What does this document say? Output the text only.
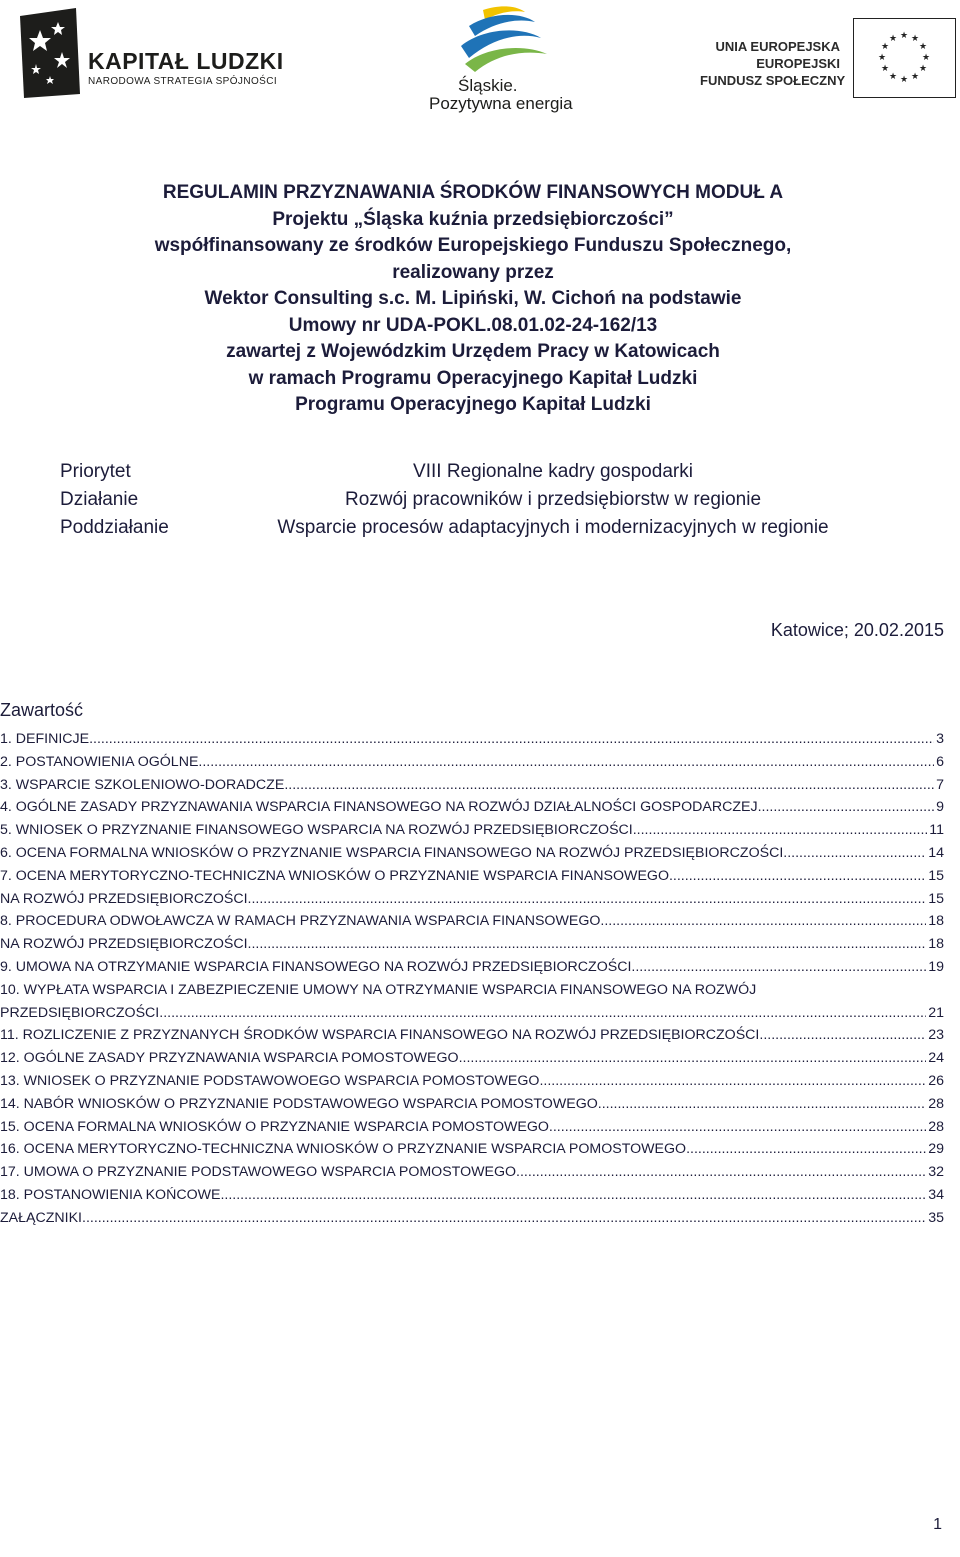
KAPITAŁ LUDZKI
NARODOWA STRATEGIA SPÓJNOŚCI	Śląskie.
Pozytywna energia
UNIA EUROPEJSKA
EUROPEJSKI
FUNDUSZ SPOŁECZNY
★ ★
★
★
★
★
★
★
★
★
★
★
REGULAMIN PRZYZNAWANIA ŚRODKÓW FINANSOWYCH MODUŁ A
Projektu „Śląska kuźnia przedsiębiorczości”
współfinansowany ze środków Europejskiego Funduszu Społecznego,
realizowany przez
Wektor Consulting s.c. M. Lipiński, W. Cichoń na podstawie
Umowy nr UDA-POKL.08.01.02-24-162/13
zawartej z Wojewódzkim Urzędem Pracy w Katowicach
w ramach Programu Operacyjnego Kapitał Ludzki
Programu Operacyjnego Kapitał Ludzki
Priorytet	VIII Regionalne kadry gospodarki
Działanie	Rozwój pracowników i przedsiębiorstw w regionie
Poddziałanie	Wsparcie procesów adaptacyjnych i modernizacyjnych w regionie
Katowice; 20.02.2015
Zawartość
1. DEFINICJE .....	3
2. POSTANOWIENIA OGÓLNE .....	6
3. WSPARCIE SZKOLENIOWO-DORADCZE .....	7
4. OGÓLNE ZASADY PRZYZNAWANIA WSPARCIA FINANSOWEGO NA ROZWÓJ DZIAŁALNOŚCI GOSPODARCZEJ .....	9
5. WNIOSEK O PRZYZNANIE FINANSOWEGO WSPARCIA NA ROZWÓJ PRZEDSIĘBIORCZOŚCI .....	11
6. OCENA FORMALNA WNIOSKÓW O PRZYZNANIE WSPARCIA FINANSOWEGO NA ROZWÓJ PRZEDSIĘBIORCZOŚCI .....	14
7. OCENA MERYTORYCZNO-TECHNICZNA WNIOSKÓW O PRZYZNANIE WSPARCIA FINANSOWEGO .....	15
NA ROZWÓJ PRZEDSIĘBIORCZOŚCI .....	15
8. PROCEDURA ODWOŁAWCZA W RAMACH PRZYZNAWANIA WSPARCIA FINANSOWEGO .....	18
NA ROZWÓJ PRZEDSIĘBIORCZOŚCI .....	18
9. UMOWA NA OTRZYMANIE WSPARCIA FINANSOWEGO NA ROZWÓJ PRZEDSIĘBIORCZOŚCI .....	19
10. WYPŁATA WSPARCIA I ZABEZPIECZENIE UMOWY NA OTRZYMANIE WSPARCIA FINANSOWEGO NA ROZWÓJ
PRZEDSIĘBIORCZOŚCI .....	21
11. ROZLICZENIE Z PRZYZNANYCH ŚRODKÓW WSPARCIA FINANSOWEGO NA ROZWÓJ PRZEDSIĘBIORCZOŚCI .....	23
12. OGÓLNE ZASADY PRZYZNAWANIA WSPARCIA POMOSTOWEGO .....	24
13. WNIOSEK O PRZYZNANIE PODSTAWOWOEGO WSPARCIA POMOSTOWEGO .....	26
14. NABÓR WNIOSKÓW O PRZYZNANIE PODSTAWOWEGO WSPARCIA POMOSTOWEGO .....	28
15. OCENA FORMALNA WNIOSKÓW O PRZYZNANIE WSPARCIA POMOSTOWEGO .....	28
16. OCENA MERYTORYCZNO-TECHNICZNA WNIOSKÓW O PRZYZNANIE WSPARCIA POMOSTOWEGO .....	29
17. UMOWA O PRZYZNANIE PODSTAWOWEGO WSPARCIA POMOSTOWEGO .....	32
18. POSTANOWIENIA KOŃCOWE .....	34
ZAŁĄCZNIKI .....	35
1
